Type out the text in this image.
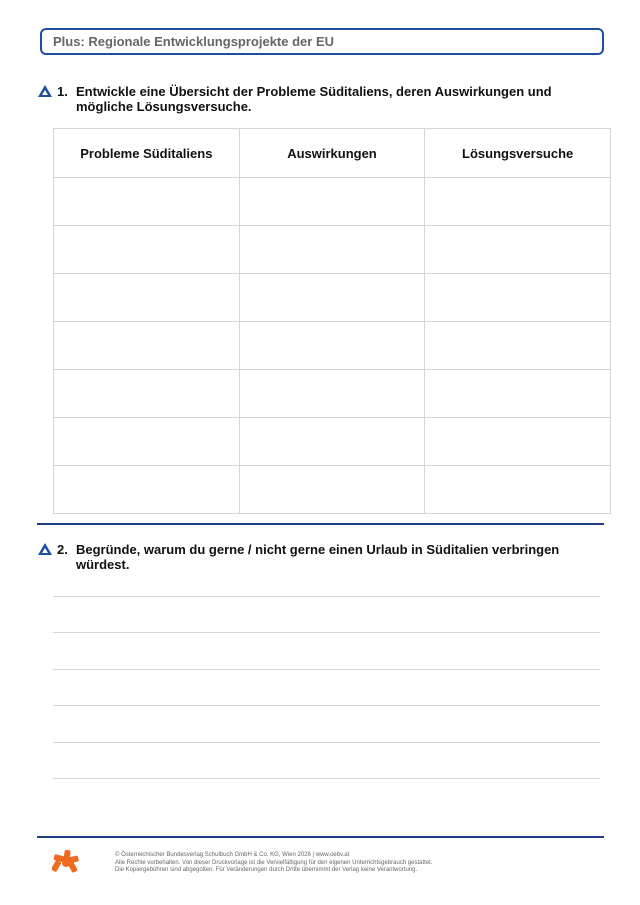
Plus: Regionale Entwicklungsprojekte der EU
1. Entwickle eine Übersicht der Probleme Süditaliens, deren Auswirkungen und mögliche Lösungsversuche.
Probleme Süditaliens	Auswirkungen	Lösungsversuche

2. Begründe, warum du gerne / nicht gerne einen Urlaub in Süditalien verbringen würdest.
© Österreichischer Bundesverlag Schulbuch GmbH & Co. KG, Wien 2026 | www.oebv.at
Alle Rechte vorbehalten. Von dieser Druckvorlage ist die Vervielfältigung für den eigenen Unterrichtsgebrauch gestattet.
Die Kopiergebühren sind abgegolten. Für Veränderungen durch Dritte übernimmt der Verlag keine Verantwortung.
